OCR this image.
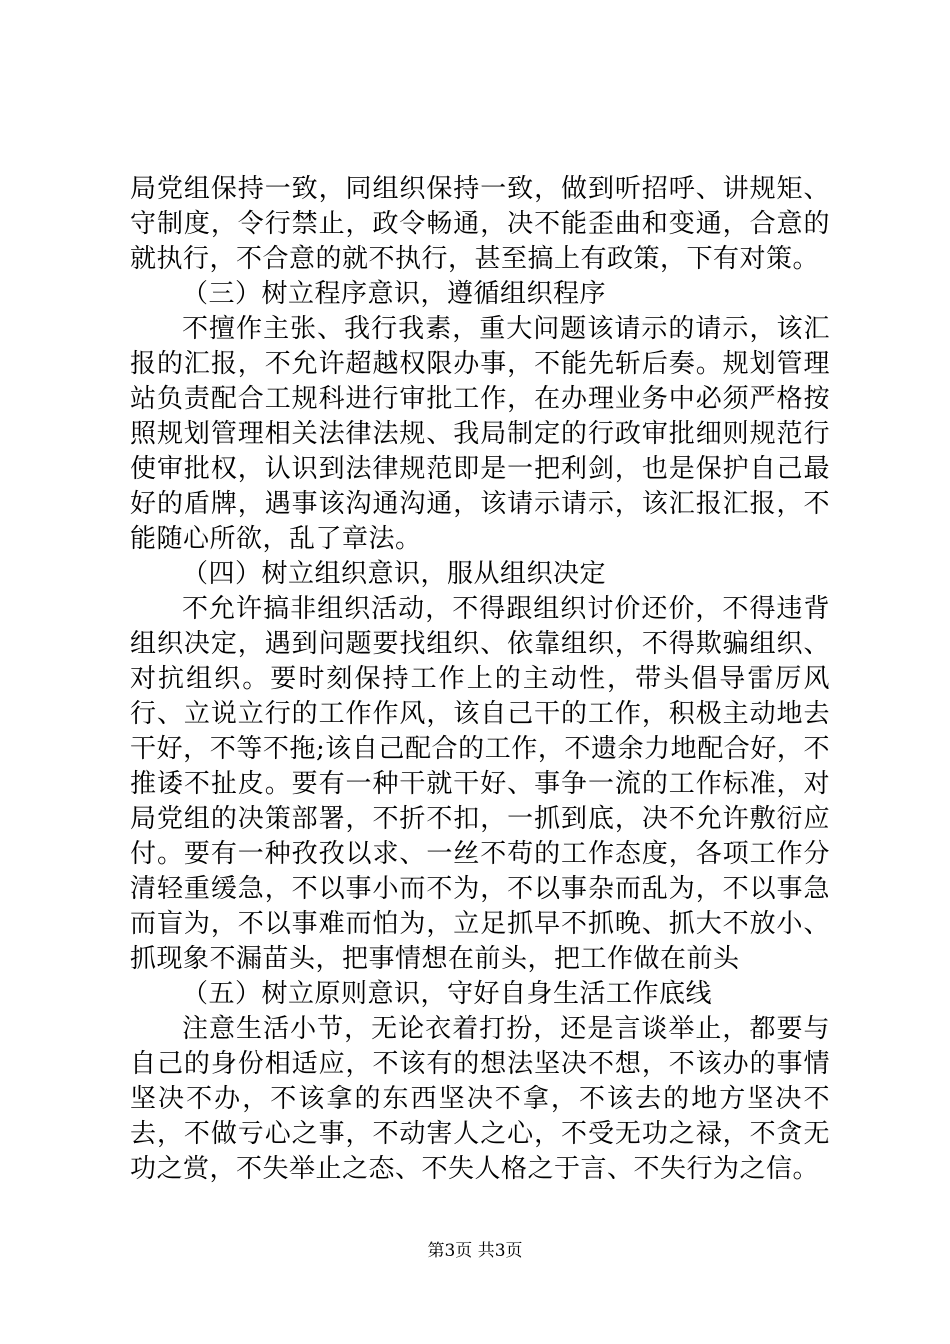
局党组保持一致，同组织保持一致，做到听招呼、讲规矩、守制度，令行禁止，政令畅通，决不能歪曲和变通，合意的就执行，不合意的就不执行，甚至搞上有政策，下有对策。

（三）树立程序意识，遵循组织程序

不擅作主张、我行我素，重大问题该请示的请示，该汇报的汇报，不允许超越权限办事，不能先斩后奏。规划管理站负责配合工规科进行审批工作，在办理业务中必须严格按照规划管理相关法律法规、我局制定的行政审批细则规范行使审批权，认识到法律规范即是一把利剑，也是保护自己最好的盾牌，遇事该沟通沟通，该请示请示，该汇报汇报，不能随心所欲，乱了章法。

（四）树立组织意识，服从组织决定

不允许搞非组织活动，不得跟组织讨价还价，不得违背组织决定，遇到问题要找组织、依靠组织，不得欺骗组织、对抗组织。要时刻保持工作上的主动性，带头倡导雷厉风行、立说立行的工作作风，该自己干的工作，积极主动地去干好，不等不拖;该自己配合的工作，不遗余力地配合好，不推诿不扯皮。要有一种干就干好、事争一流的工作标准，对局党组的决策部署，不折不扣，一抓到底，决不允许敷衍应付。要有一种孜孜以求、一丝不苟的工作态度，各项工作分清轻重缓急，不以事小而不为，不以事杂而乱为，不以事急而盲为，不以事难而怕为，立足抓早不抓晚、抓大不放小、抓现象不漏苗头，把事情想在前头，把工作做在前头

（五）树立原则意识，守好自身生活工作底线

注意生活小节，无论衣着打扮，还是言谈举止，都要与自己的身份相适应，不该有的想法坚决不想，不该办的事情坚决不办，不该拿的东西坚决不拿，不该去的地方坚决不去，不做亏心之事，不动害人之心，不受无功之禄，不贪无功之赏，不失举止之态、不失人格之于言、不失行为之信。

第3页 共3页
